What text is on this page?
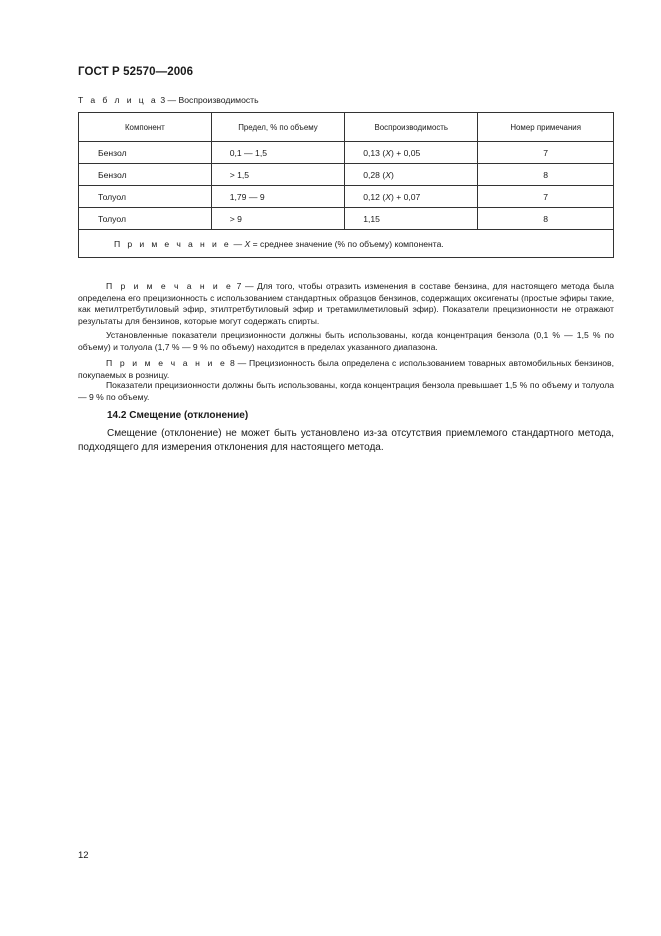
ГОСТ Р 52570—2006
Т а б л и ц а 3 — Воспроизводимость
Компонент	Предел, % по объему	Воспроизводимость	Номер примечания
Бензол	0,1 — 1,5	0,13 (X) + 0,05	7
Бензол	> 1,5	0,28 (X)	8
Толуол	1,79 — 9	0,12 (X) + 0,07	7
Толуол	> 9	1,15	8
П р и м е ч а н и е — X = среднее значение (% по объему) компонента.			

П р и м е ч а н и е 7 — Для того, чтобы отразить изменения в составе бензина, для настоящего метода была определена его прецизионность с использованием стандартных образцов бензинов, содержащих оксигенаты (простые эфиры такие, как метилтретбутиловый эфир, этилтретбутиловый эфир и третамилметиловый эфир). Показатели прецизионности не отражают результаты для бензинов, которые могут содержать спирты.

Установленные показатели прецизионности должны быть использованы, когда концентрация бензола (0,1 % — 1,5 % по объему) и толуола (1,7 % — 9 % по объему) находится в пределах указанного диапазона.

П р и м е ч а н и е 8 — Прецизионность была определена с использованием товарных автомобильных бензинов, покупаемых в розницу.

Показатели прецизионности должны быть использованы, когда концентрация бензола превышает 1,5 % по объему и толуола — 9 % по объему.

14.2 Смещение (отклонение)

Смещение (отклонение) не может быть установлено из-за отсутствия приемлемого стандартного метода, подходящего для измерения отклонения для настоящего метода.

12
